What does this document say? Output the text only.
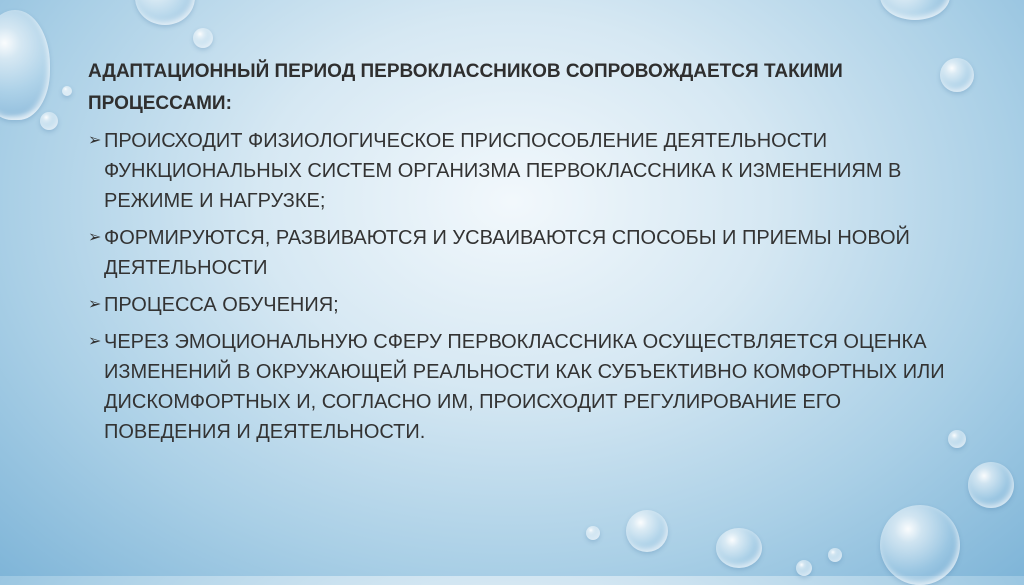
АДАПТАЦИОННЫЙ ПЕРИОД ПЕРВОКЛАССНИКОВ СОПРОВОЖДАЕТСЯ ТАКИМИ ПРОЦЕССАМИ:

➢ ПРОИСХОДИТ ФИЗИОЛОГИЧЕСКОЕ ПРИСПОСОБЛЕНИЕ ДЕЯТЕЛЬНОСТИ ФУНКЦИОНАЛЬНЫХ СИСТЕМ ОРГАНИЗМА ПЕРВОКЛАССНИКА К ИЗМЕНЕНИЯМ В РЕЖИМЕ И НАГРУЗКЕ;
➢ ФОРМИРУЮТСЯ, РАЗВИВАЮТСЯ И УСВАИВАЮТСЯ СПОСОБЫ И ПРИЕМЫ НОВОЙ ДЕЯТЕЛЬНОСТИ
➢ ПРОЦЕССА ОБУЧЕНИЯ;
➢ ЧЕРЕЗ ЭМОЦИОНАЛЬНУЮ СФЕРУ ПЕРВОКЛАССНИКА ОСУЩЕСТВЛЯЕТСЯ ОЦЕНКА ИЗМЕНЕНИЙ В ОКРУЖАЮЩЕЙ РЕАЛЬНОСТИ КАК СУБЪЕКТИВНО КОМФОРТНЫХ ИЛИ ДИСКОМФОРТНЫХ И, СОГЛАСНО ИМ, ПРОИСХОДИТ РЕГУЛИРОВАНИЕ ЕГО ПОВЕДЕНИЯ И ДЕЯТЕЛЬНОСТИ.
